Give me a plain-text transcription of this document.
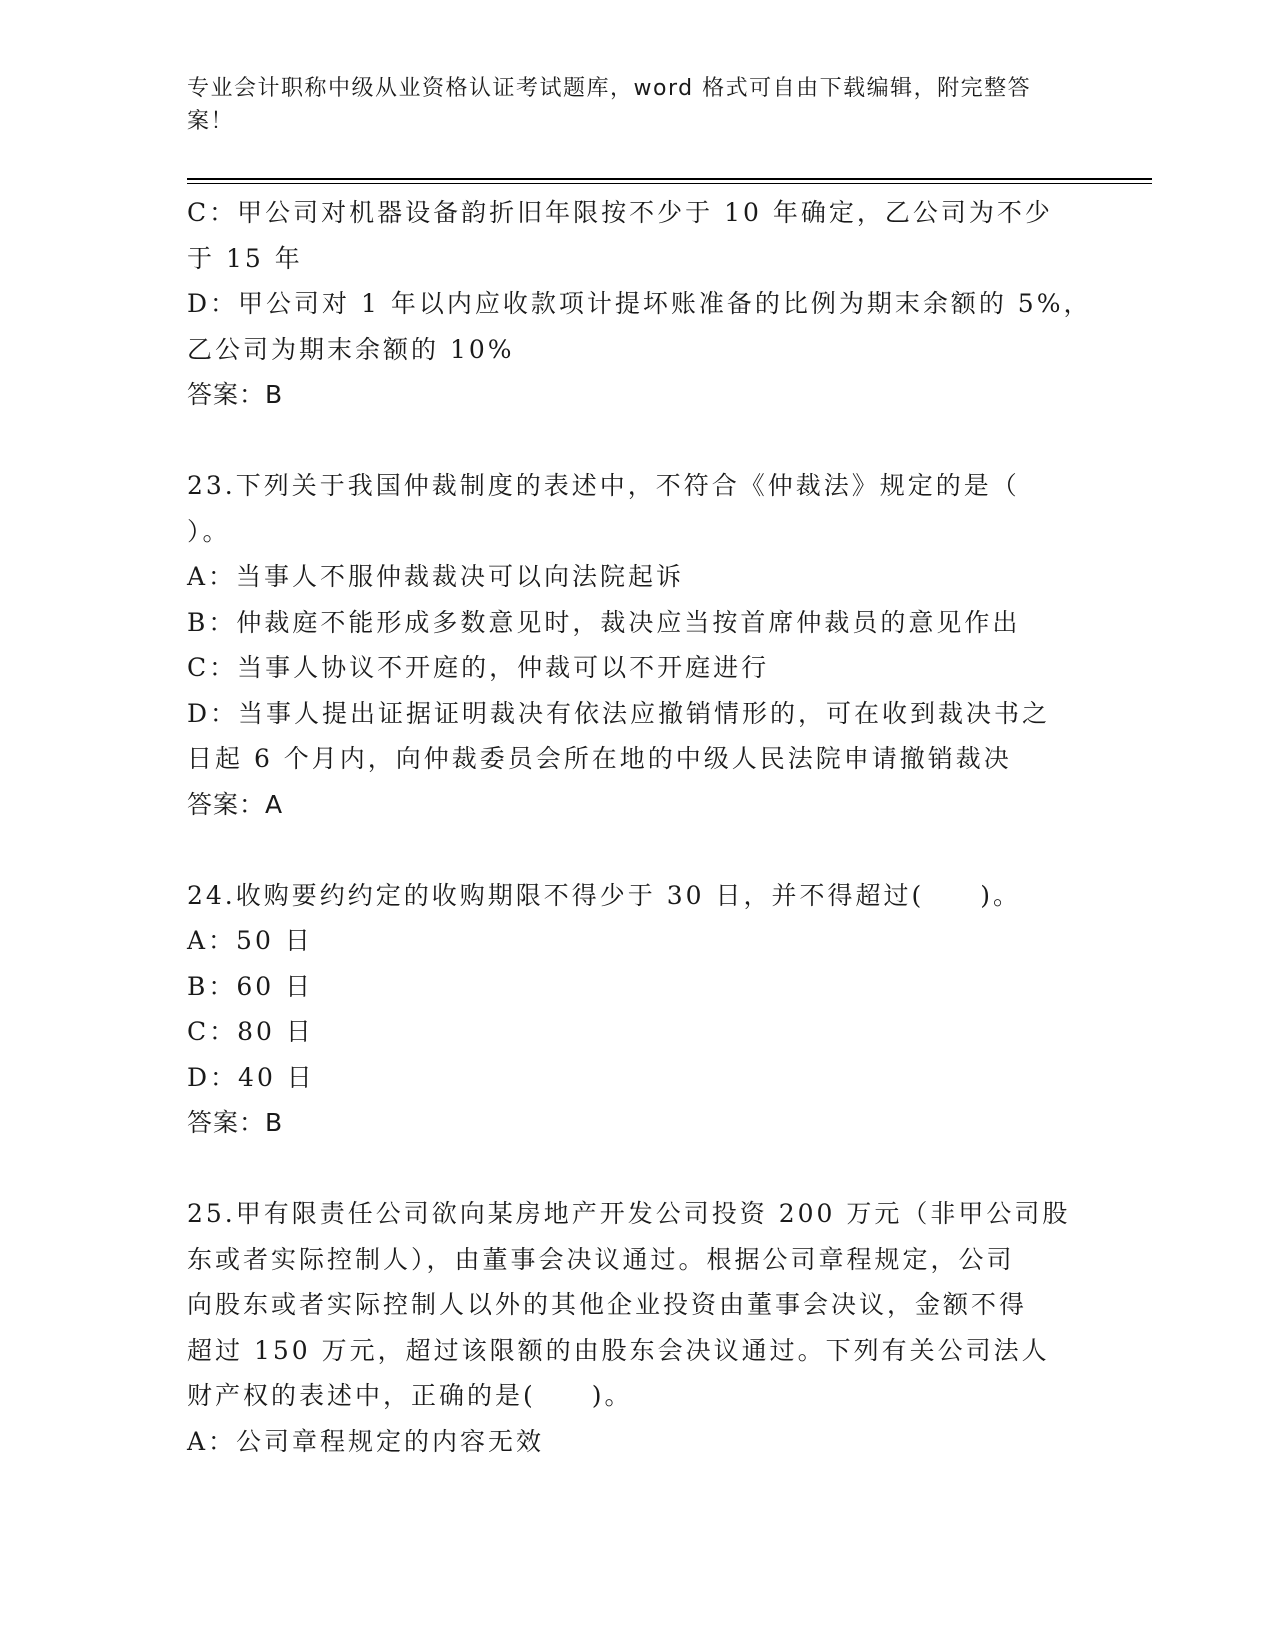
专业会计职称中级从业资格认证考试题库，word 格式可自由下载编辑，附完整答
案！
C：甲公司对机器设备韵折旧年限按不少于 10 年确定，乙公司为不少
于 15 年
D：甲公司对 1 年以内应收款项计提坏账准备的比例为期末余额的 5%，
乙公司为期末余额的 10%
答案：B
23.下列关于我国仲裁制度的表述中，不符合《仲裁法》规定的是（
）。
A：当事人不服仲裁裁决可以向法院起诉
B：仲裁庭不能形成多数意见时，裁决应当按首席仲裁员的意见作出
C：当事人协议不开庭的，仲裁可以不开庭进行
D：当事人提出证据证明裁决有依法应撤销情形的，可在收到裁决书之
日起 6 个月内，向仲裁委员会所在地的中级人民法院申请撤销裁决
答案：A
24.收购要约约定的收购期限不得少于 30 日，并不得超过(　　)。
A：50 日
B：60 日
C：80 日
D：40 日
答案：B
25.甲有限责任公司欲向某房地产开发公司投资 200 万元（非甲公司股
东或者实际控制人），由董事会决议通过。根据公司章程规定，公司
向股东或者实际控制人以外的其他企业投资由董事会决议，金额不得
超过 150 万元，超过该限额的由股东会决议通过。下列有关公司法人
财产权的表述中，正确的是(　　)。
A：公司章程规定的内容无效
